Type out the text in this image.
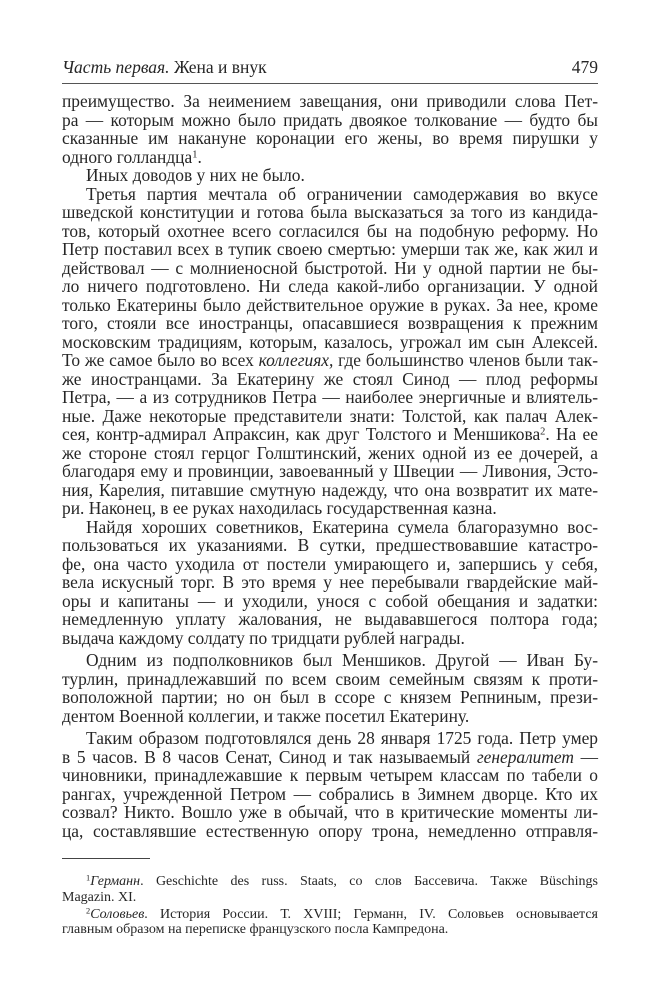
Часть первая. Жена и внук	479
преимущество. За неимением завещания, они приводили слова Пет-
ра — которым можно было придать двоякое толкование — будто бы
сказанные им накануне коронации его жены, во время пирушки у
одного голландца$^1$.
Иных доводов у них не было.
Третья партия мечтала об ограничении самодержавия во вкусе
шведской конституции и готова была высказаться за того из кандида-
тов, который охотнее всего согласился бы на подобную реформу. Но
Петр поставил всех в тупик своею смертью: умерши так же, как жил и
действовал — с молниеносной быстротой. Ни у одной партии не бы-
ло ничего подготовлено. Ни следа какой-либо организации. У одной
только Екатерины было действительное оружие в руках. За нее, кроме
того, стояли все иностранцы, опасавшиеся возвращения к прежним
московским традициям, которым, казалось, угрожал им сын Алексей.
То же самое было во всех коллегиях, где большинство членов были так-
же иностранцами. За Екатерину же стоял Синод — плод реформы
Петра, — а из сотрудников Петра — наиболее энергичные и влиятель-
ные. Даже некоторые представители знати: Толстой, как палач Алек-
сея, контр-адмирал Апраксин, как друг Толстого и Меншикова$^2$. На ее
же стороне стоял герцог Голштинский, жених одной из ее дочерей, а
благодаря ему и провинции, завоеванный у Швеции — Ливония, Эсто-
ния, Карелия, питавшие смутную надежду, что она возвратит их мате-
ри. Наконец, в ее руках находилась государственная казна.
Найдя хороших советников, Екатерина сумела благоразумно вос-
пользоваться их указаниями. В сутки, предшествовавшие катастро-
фе, она часто уходила от постели умирающего и, запершись у себя,
вела искусный торг. В это время у нее перебывали гвардейские май-
оры и капитаны — и уходили, унося с собой обещания и задатки:
немедленную уплату жалования, не выдававшегося полтора года;
выдача каждому солдату по тридцати рублей награды.
Одним из подполковников был Меншиков. Другой — Иван Бу-
турлин, принадлежавший по всем своим семейным связям к проти-
воположной партии; но он был в ссоре с князем Репниным, прези-
дентом Военной коллегии, и также посетил Екатерину.
Таким образом подготовлялся день 28 января 1725 года. Петр умер
в 5 часов. В 8 часов Сенат, Синод и так называемый генералитет —
чиновники, принадлежавшие к первым четырем классам по табели о
рангах, учрежденной Петром — собрались в Зимнем дворце. Кто их
созвал? Никто. Вошло уже в обычай, что в критические моменты ли-
ца, составлявшие естественную опору трона, немедленно отправля-
$^1$Германн. Geschichte des russ. Staats, со слов Бассевича. Также Büschings
Magazin. XI.
$^2$Соловьев. История России. Т. XVIII; Германн, IV. Соловьев основывается
главным образом на переписке французского посла Кампредона.
